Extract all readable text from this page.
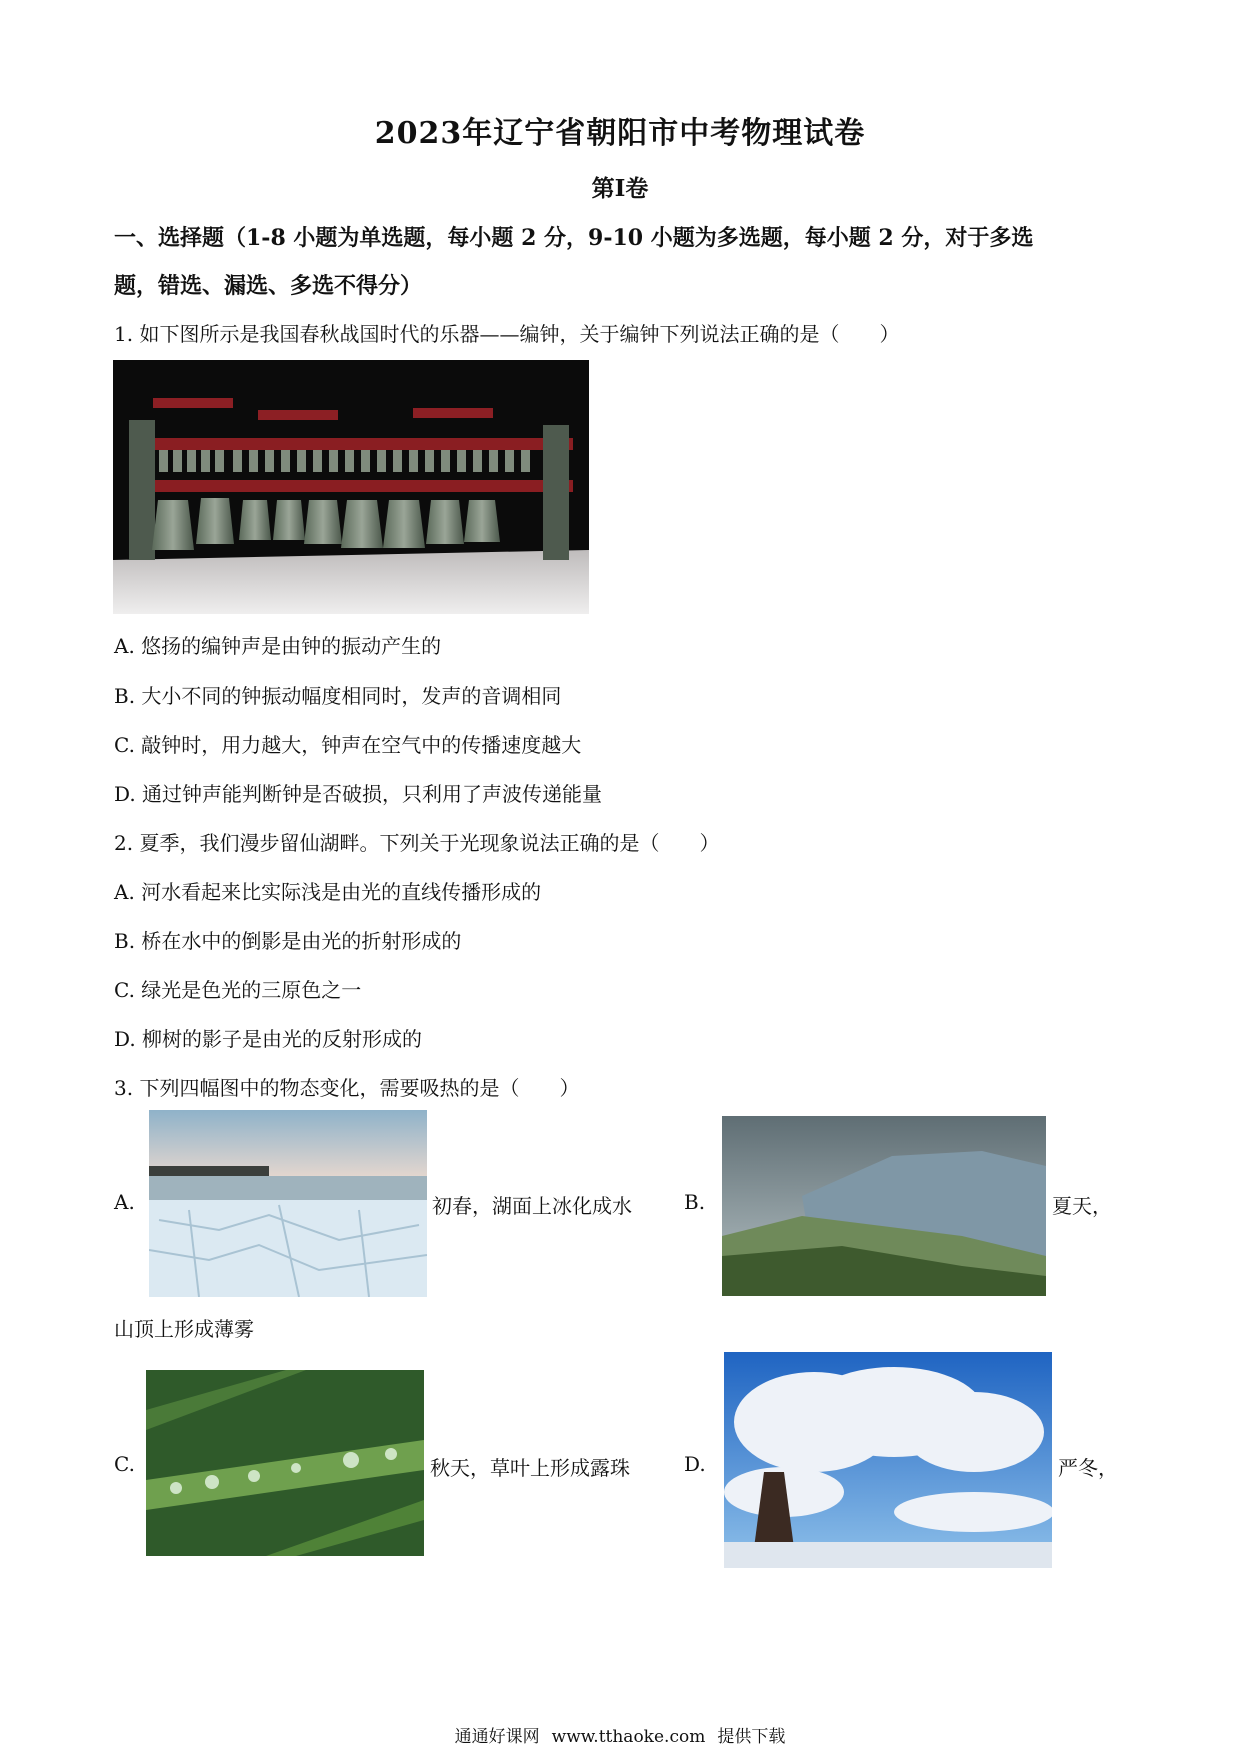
2023年辽宁省朝阳市中考物理试卷
第Ⅰ卷
一、选择题（1-8 小题为单选题，每小题 2 分，9-10 小题为多选题，每小题 2 分，对于多选
题，错选、漏选、多选不得分）
1. 如下图所示是我国春秋战国时代的乐器——编钟，关于编钟下列说法正确的是（　　）
A. 悠扬的编钟声是由钟的振动产生的
B. 大小不同的钟振动幅度相同时，发声的音调相同
C. 敲钟时，用力越大，钟声在空气中的传播速度越大
D. 通过钟声能判断钟是否破损，只利用了声波传递能量
2. 夏季，我们漫步留仙湖畔。下列关于光现象说法正确的是（　　）
A. 河水看起来比实际浅是由光的直线传播形成的
B. 桥在水中的倒影是由光的折射形成的
C. 绿光是色光的三原色之一
D. 柳树的影子是由光的反射形成的
3. 下列四幅图中的物态变化，需要吸热的是（　　）
A.	初春，湖面上冰化成水	B.	夏天，
山顶上形成薄雾
C.	秋天，草叶上形成露珠	D.	严冬，
通通好课网 www.tthaoke.com 提供下载
